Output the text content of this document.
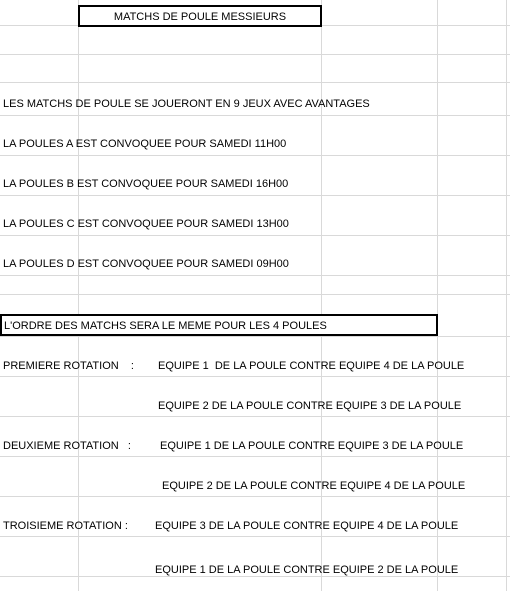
MATCHS DE POULE MESSIEURS
LES MATCHS DE POULE SE JOUERONT EN 9 JEUX AVEC AVANTAGES
LA POULES A EST CONVOQUEE POUR SAMEDI 11H00
LA POULES B EST CONVOQUEE POUR SAMEDI 16H00
LA POULES C EST CONVOQUEE POUR SAMEDI 13H00
LA POULES D EST CONVOQUEE POUR SAMEDI 09H00
L'ORDRE DES MATCHS SERA LE MEME POUR LES 4 POULES
PREMIERE ROTATION    : EQUIPE 1  DE LA POULE CONTRE EQUIPE 4 DE LA POULE
EQUIPE 2 DE LA POULE CONTRE EQUIPE 3 DE LA POULE
DEUXIEME ROTATION   :	EQUIPE 1 DE LA POULE CONTRE EQUIPE 3 DE LA POULE
EQUIPE 2 DE LA POULE CONTRE EQUIPE 4 DE LA POULE
TROISIEME ROTATION : EQUIPE 3 DE LA POULE CONTRE EQUIPE 4 DE LA POULE
EQUIPE 1 DE LA POULE CONTRE EQUIPE 2 DE LA POULE
